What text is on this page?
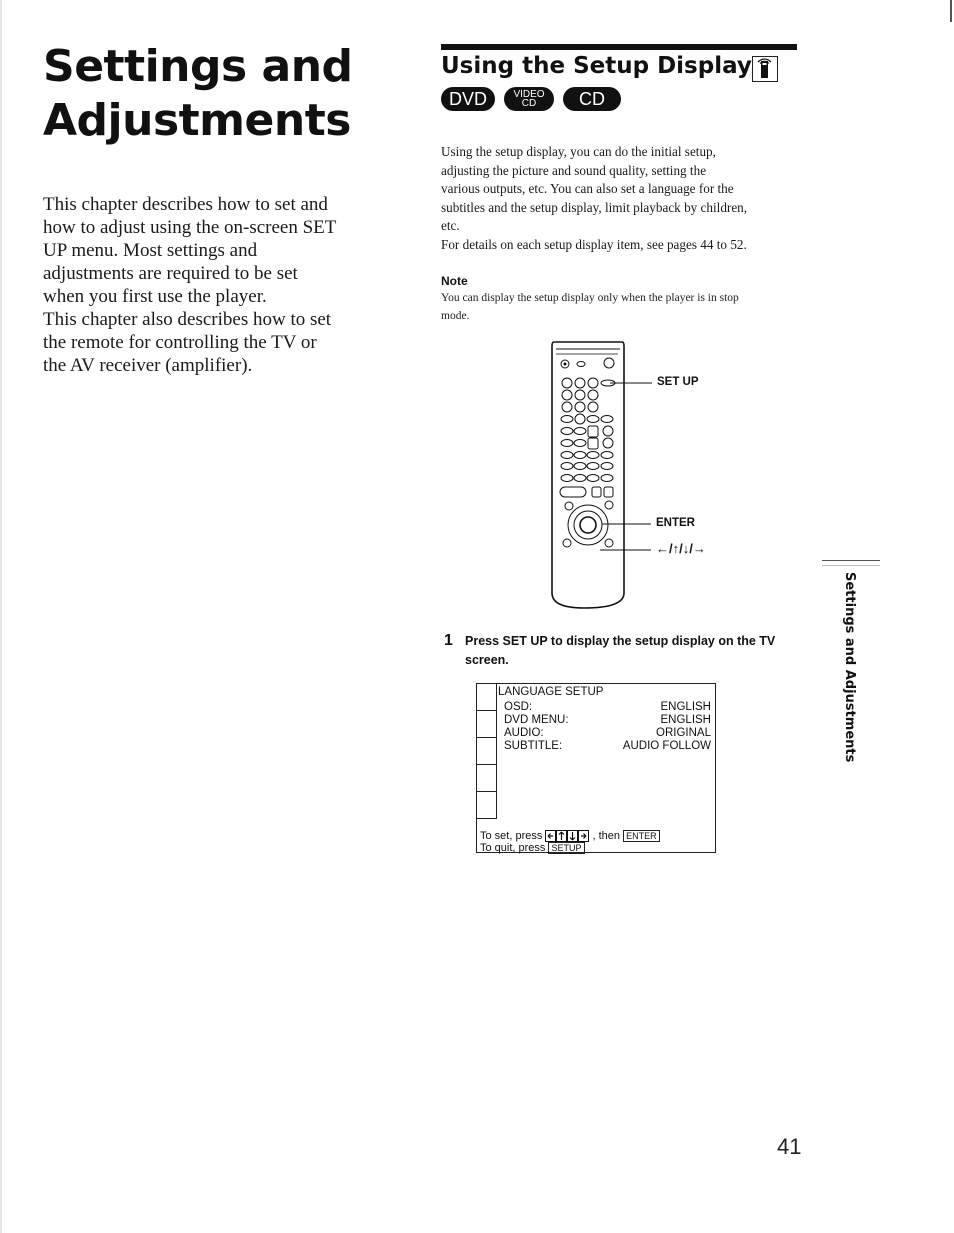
Settings and
Adjustments

This chapter describes how to set and

how to adjust using the on-screen SET

UP menu. Most settings and

adjustments are required to be set

when you first use the player.

This chapter also describes how to set

the remote for controlling the TV or

the AV receiver (amplifier).

Using the Setup Display
DVD	VIDEO
CD	CD
Using the setup display, you can do the initial setup,
adjusting the picture and sound quality, setting the
various outputs, etc. You can also set a language for the
subtitles and the setup display, limit playback by children,
etc.
For details on each setup display item, see pages 44 to 52.
Note
You can display the setup display only when the player is in stop
mode.
SET UP
ENTER
←/↑/↓/→
1 Press SET UP to display the setup display on the TV screen.
LANGUAGE SETUP
OSD:	ENGLISH
DVD MENU:	ENGLISH
AUDIO:	ORIGINAL
SUBTITLE:	AUDIO FOLLOW
To set, press	, then ENTER
To quit, press SETUP
Settings and Adjustments
41
